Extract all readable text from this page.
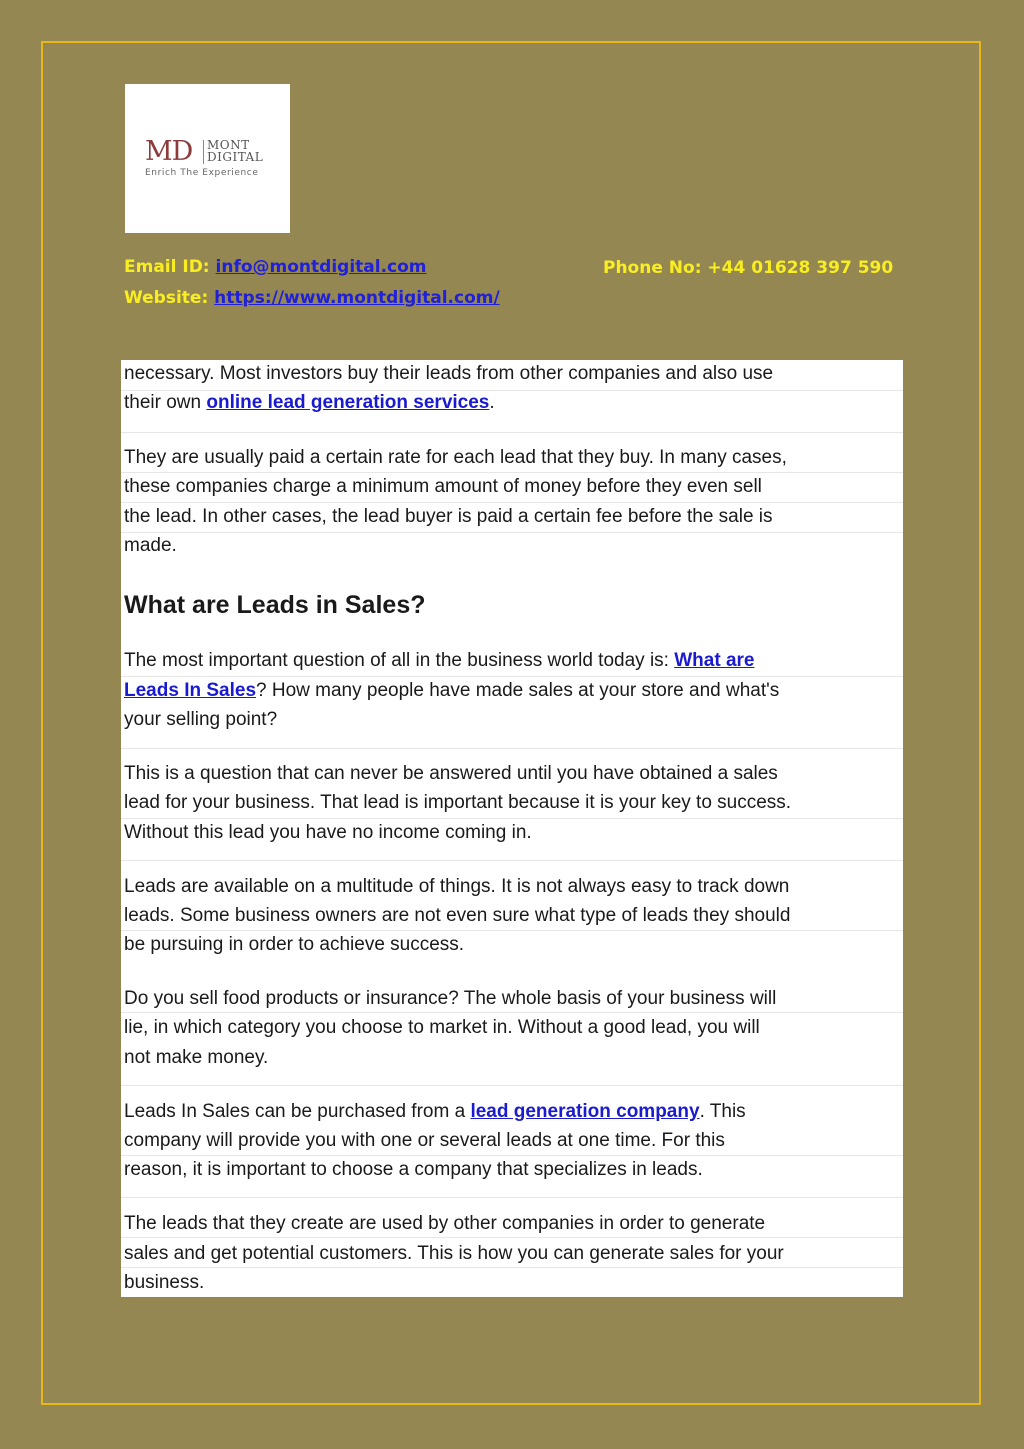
MD MONT
DIGITAL
Enrich The Experience
Email ID: info@montdigital.com
Website: https://www.montdigital.com/
Phone No: +44 01628 397 590
necessary. Most investors buy their leads from other companies and also use
their own online lead generation services.
They are usually paid a certain rate for each lead that they buy. In many cases,
these companies charge a minimum amount of money before they even sell
the lead. In other cases, the lead buyer is paid a certain fee before the sale is
made.
What are Leads in Sales?
The most important question of all in the business world today is: What are
Leads In Sales? How many people have made sales at your store and what's
your selling point?
This is a question that can never be answered until you have obtained a sales
lead for your business. That lead is important because it is your key to success.
Without this lead you have no income coming in.
Leads are available on a multitude of things. It is not always easy to track down
leads. Some business owners are not even sure what type of leads they should
be pursuing in order to achieve success.
Do you sell food products or insurance? The whole basis of your business will
lie, in which category you choose to market in. Without a good lead, you will
not make money.
Leads In Sales can be purchased from a lead generation company. This
company will provide you with one or several leads at one time. For this
reason, it is important to choose a company that specializes in leads.
The leads that they create are used by other companies in order to generate
sales and get potential customers. This is how you can generate sales for your
business.
